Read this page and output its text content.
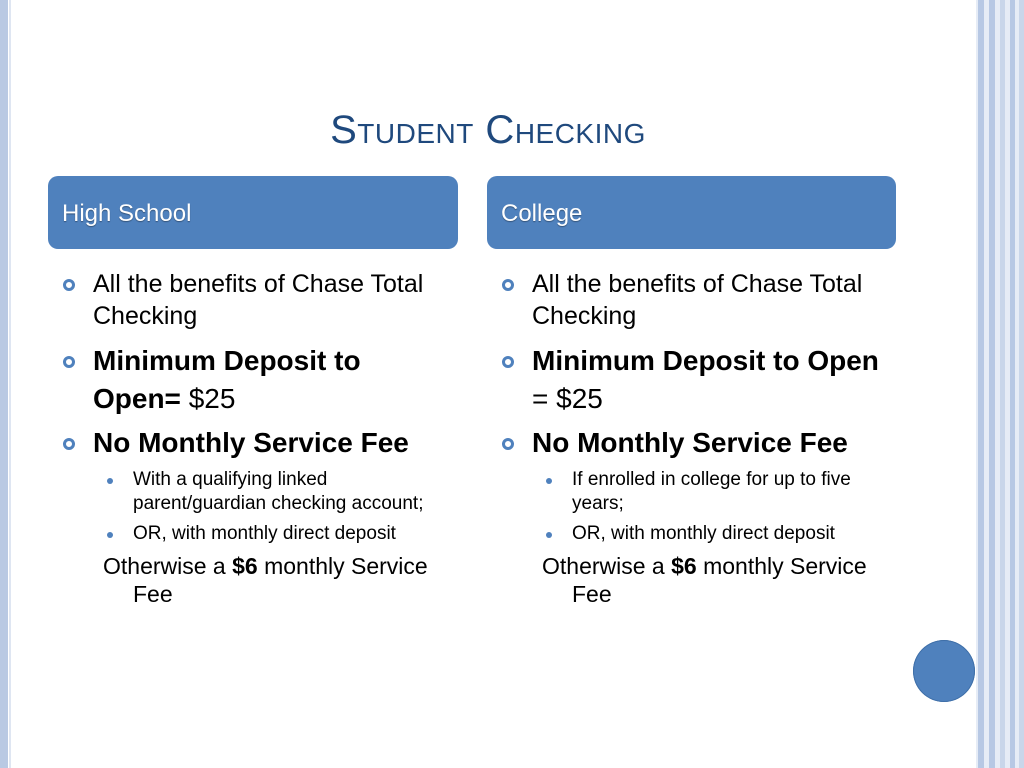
Student Checking
High School	College
All the benefits of Chase Total Checking
Minimum Deposit to Open= $25
No Monthly Service Fee
With a qualifying linked parent/guardian checking account;
OR, with monthly direct deposit
Otherwise a $6 monthly Service Fee
All the benefits of Chase Total Checking
Minimum Deposit to Open = $25
No Monthly Service Fee
If enrolled in college for up to five years;
OR, with monthly direct deposit
Otherwise a $6 monthly Service Fee
